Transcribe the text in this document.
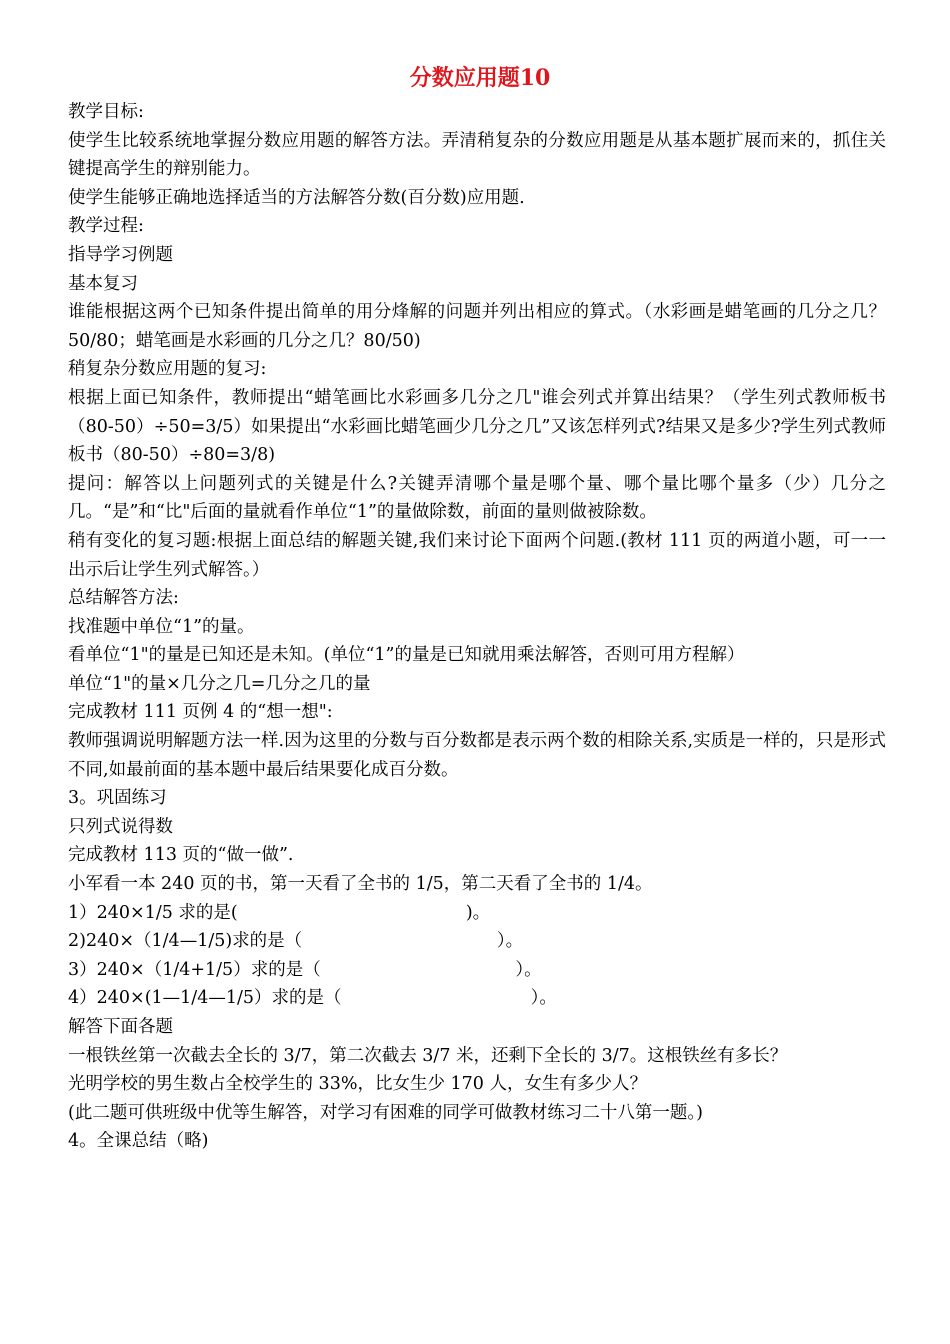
分数应用题10

教学目标:

使学生比较系统地掌握分数应用题的解答方法。弄清稍复杂的分数应用题是从基本题扩展而来的，抓住关键提高学生的辩别能力。

使学生能够正确地选择适当的方法解答分数(百分数)应用题.

教学过程:

指导学习例题

基本复习

谁能根据这两个已知条件提出简单的用分烽解的问题并列出相应的算式。（水彩画是蜡笔画的几分之几？50/80；蜡笔画是水彩画的几分之几？80/50)

稍复杂分数应用题的复习:

根据上面已知条件，教师提出“蜡笔画比水彩画多几分之几"谁会列式并算出结果？（学生列式教师板书（80-50）÷50=3/5）如果提出“水彩画比蜡笔画少几分之几”又该怎样列式?结果又是多少?学生列式教师板书（80-50）÷80=3/8)

提问：解答以上问题列式的关键是什么?关键弄清哪个量是哪个量、哪个量比哪个量多（少）几分之几。“是”和“比"后面的量就看作单位“1”的量做除数，前面的量则做被除数。

稍有变化的复习题:根据上面总结的解题关键,我们来讨论下面两个问题.(教材 111 页的两道小题，可一一出示后让学生列式解答。）

总结解答方法:

找准题中单位“1”的量。

看单位“1"的量是已知还是未知。(单位“1”的量是已知就用乘法解答，否则可用方程解）

单位“1"的量×几分之几=几分之几的量

完成教材 111 页例 4 的“想一想":

教师强调说明解题方法一样.因为这里的分数与百分数都是表示两个数的相除关系,实质是一样的，只是形式不同,如最前面的基本题中最后结果要化成百分数。

3。巩固练习

只列式说得数

完成教材 113 页的“做一做”.

小军看一本 240 页的书，第一天看了全书的 1/5，第二天看了全书的 1/4。

1）240×1/5 求的是(                                         )。

2)240×（1/4—1/5)求的是（                                   ）。

3）240×（1/4+1/5）求的是（                                   ）。

4）240×(1—1/4—1/5）求的是（                                  ）。

解答下面各题

一根铁丝第一次截去全长的 3/7，第二次截去 3/7 米，还剩下全长的 3/7。这根铁丝有多长？

光明学校的男生数占全校学生的 33%，比女生少 170 人，女生有多少人？

(此二题可供班级中优等生解答，对学习有困难的同学可做教材练习二十八第一题。)

4。全课总结（略)
